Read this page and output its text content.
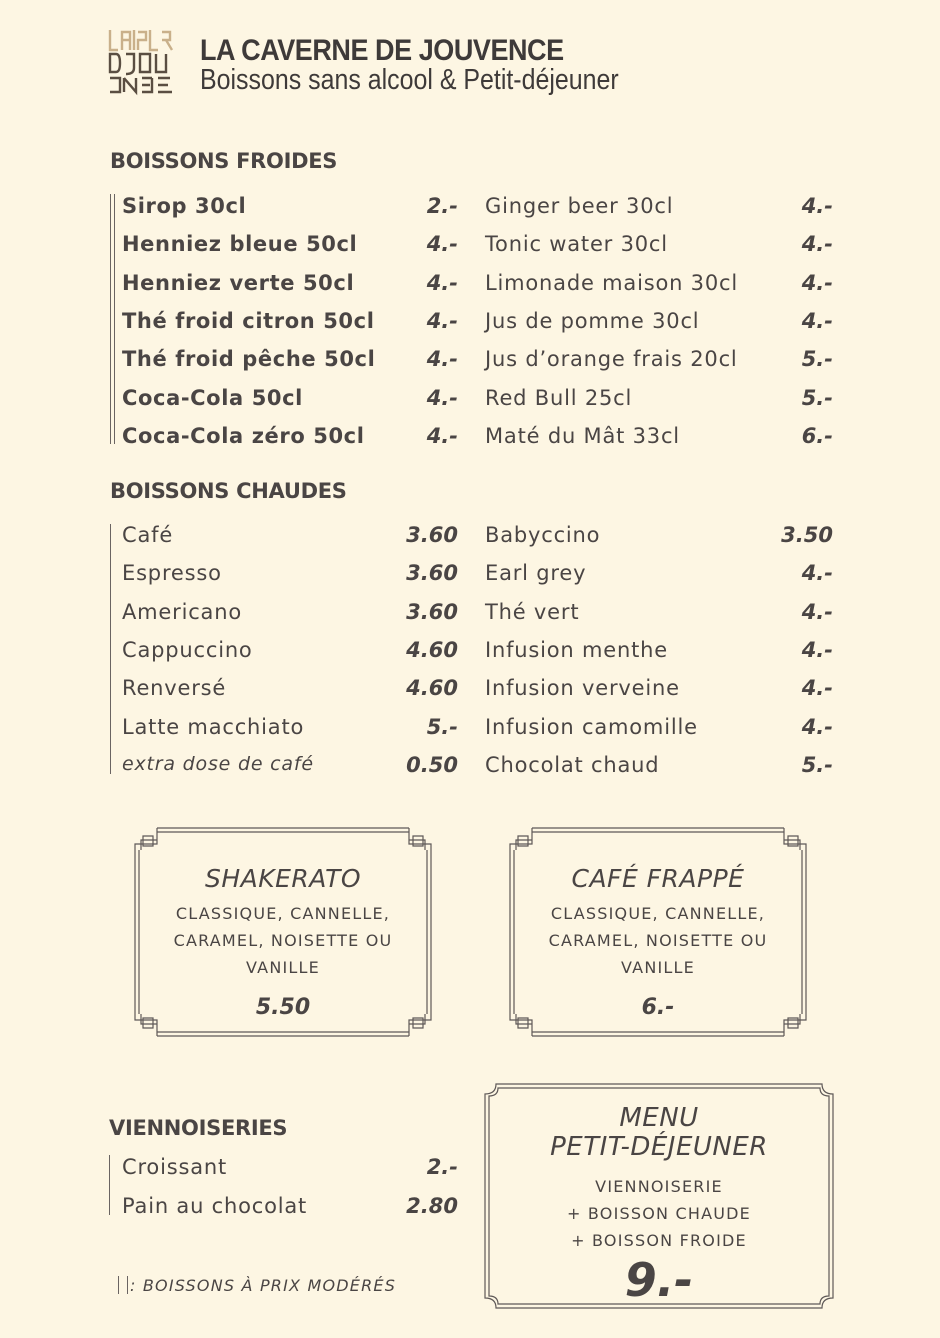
LA CAVERNE DE JOUVENCE
Boissons sans alcool & Petit-déjeuner
BOISSONS FROIDES
Sirop 30cl	2.-
Henniez bleue 50cl	4.-
Henniez verte 50cl	4.-
Thé froid citron 50cl 4.-
Thé froid pêche 50cl 4.-
Coca-Cola 50cl	4.-
Coca-Cola zéro 50cl	4.-
Ginger beer 30cl	4.-
Tonic water 30cl	4.-
Limonade maison 30cl	4.-
Jus de pomme 30cl	4.-
Jus d’orange frais 20cl	5.-
Red Bull 25cl	5.-
Maté du Mât 33cl	6.-
BOISSONS CHAUDES
Café	3.60
Espresso	3.60
Americano	3.60
Cappuccino	4.60
Renversé	4.60
Latte macchiato	5.-
extra dose de café	0.50
Babyccino	3.50
Earl grey	4.-
Thé vert	4.-
Infusion menthe	4.-
Infusion verveine	4.-
Infusion camomille	4.-
Chocolat chaud	5.-
SHAKERATO
CLASSIQUE, CANNELLE,
CARAMEL, NOISETTE OU
VANILLE
5.50
CAFÉ FRAPPÉ
CLASSIQUE, CANNELLE,
CARAMEL, NOISETTE OU
VANILLE
6.-
VIENNOISERIES
Croissant	2.-
Pain au chocolat	2.80
MENU
PETIT-DÉJEUNER
VIENNOISERIE
+ BOISSON CHAUDE
+ BOISSON FROIDE
9.-
: BOISSONS À PRIX MODÉRÉS
